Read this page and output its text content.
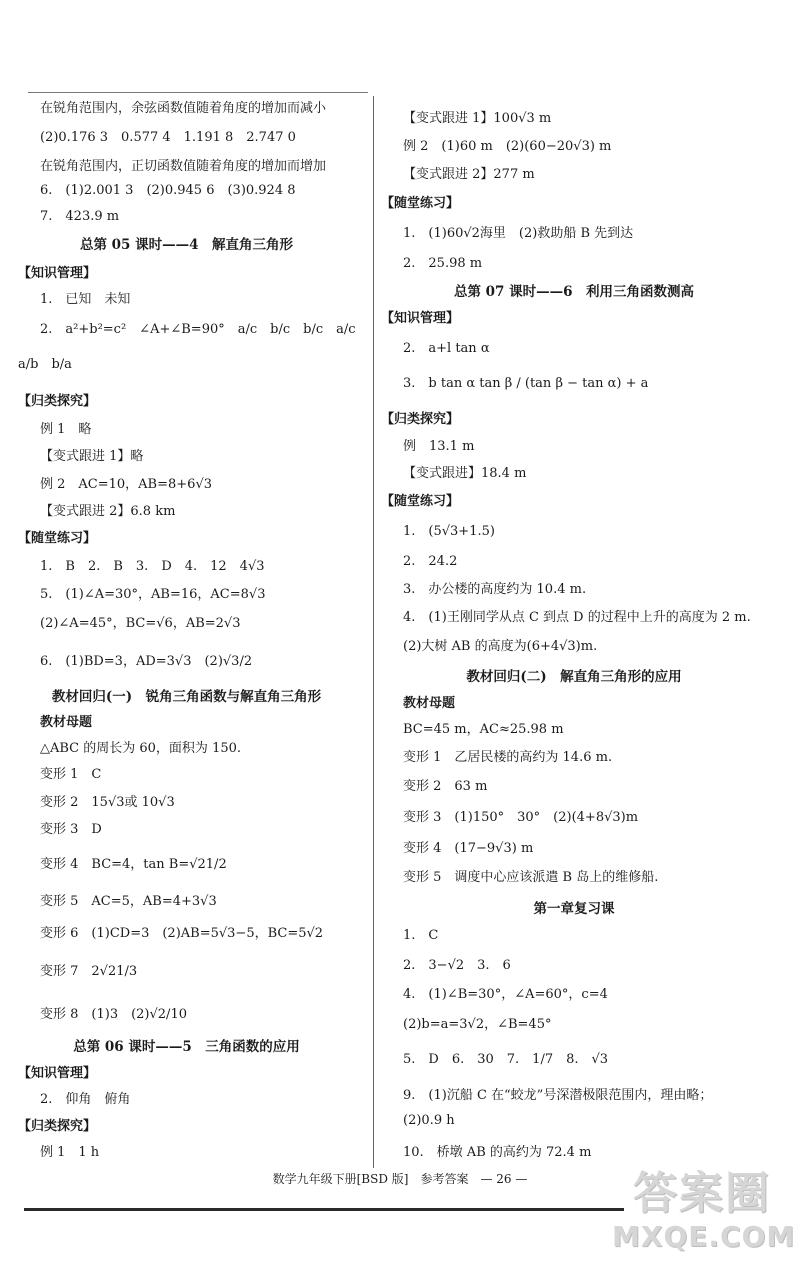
在锐角范围内，余弦函数值随着角度的增加而减小
(2)0.176 3　0.577 4　1.191 8　2.747 0
在锐角范围内，正切函数值随着角度的增加而增加
6.　(1)2.001 3　(2)0.945 6　(3)0.924 8
7.　423.9 m
总第 05 课时——4　解直角三角形
【知识管理】
1.　已知　未知
2.　a²+b²=c²　∠A+∠B=90°　a/c　b/c　b/c　a/c
a/b　b/a
【归类探究】
例 1　略
【变式跟进 1】略
例 2　AC=10，AB=8+6√3
【变式跟进 2】6.8 km
【随堂练习】
1.　B　2.　B　3.　D　4.　12　4√3
5.　(1)∠A=30°，AB=16，AC=8√3
(2)∠A=45°，BC=√6，AB=2√3
6.　(1)BD=3，AD=3√3　(2)√3/2
教材回归(一)　锐角三角函数与解直角三角形
教材母题
△ABC 的周长为 60，面积为 150.
变形 1　C
变形 2　15√3或 10√3
变形 3　D
变形 4　BC=4，tan B=√21/2
变形 5　AC=5，AB=4+3√3
变形 6　(1)CD=3　(2)AB=5√3−5，BC=5√2
变形 7　2√21/3
变形 8　(1)3　(2)√2/10
总第 06 课时——5　三角函数的应用
【知识管理】
2.　仰角　俯角
【归类探究】
例 1　1 h
【变式跟进 1】100√3 m
例 2　(1)60 m　(2)(60−20√3) m
【变式跟进 2】277 m
【随堂练习】
1.　(1)60√2海里　(2)救助船 B 先到达
2.　25.98 m
总第 07 课时——6　利用三角函数测高
【知识管理】
2.　a+l tan α
3.　b tan α tan β / (tan β − tan α) + a
【归类探究】
例　13.1 m
【变式跟进】18.4 m
【随堂练习】
1.　(5√3+1.5)
2.　24.2
3.　办公楼的高度约为 10.4 m.
4.　(1)王刚同学从点 C 到点 D 的过程中上升的高度为 2 m.
(2)大树 AB 的高度为(6+4√3)m.
教材回归(二)　解直角三角形的应用
教材母题
BC=45 m，AC≈25.98 m
变形 1　乙居民楼的高约为 14.6 m.
变形 2　63 m
变形 3　(1)150°　30°　(2)(4+8√3)m
变形 4　(17−9√3) m
变形 5　调度中心应该派遣 B 岛上的维修船.
第一章复习课
1.　C
2.　3−√2　3.　6
4.　(1)∠B=30°，∠A=60°，c=4
(2)b=a=3√2，∠B=45°
5.　D　6.　30　7.　1/7　8.　√3
9.　(1)沉船 C 在“蛟龙”号深潜极限范围内，理由略；
(2)0.9 h
10.　桥墩 AB 的高约为 72.4 m
数学九年级下册[BSD 版]　参考答案　— 26 —	答案圈
MXQE.COM
